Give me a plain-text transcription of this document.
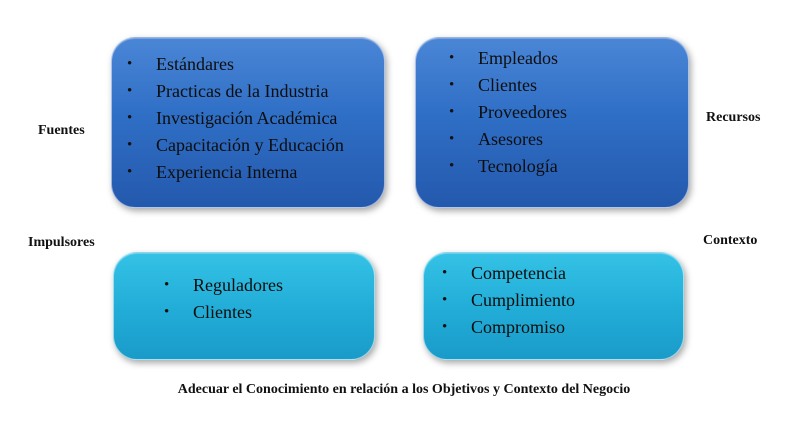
Fuentes
Recursos
Impulsores	Contexto
• Estándares
• Practicas de la Industria
• Investigación Académica
• Capacitación y Educación
• Experiencia Interna
• Empleados
• Clientes
• Proveedores
• Asesores
• Tecnología
• Reguladores
• Clientes
• Competencia
• Cumplimiento
• Compromiso
Adecuar el Conocimiento en relación a los Objetivos y Contexto del Negocio
